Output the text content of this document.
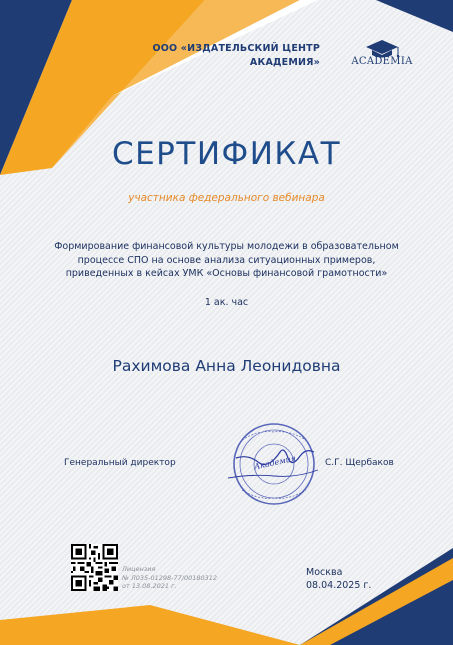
ООО «ИЗДАТЕЛЬСКИЙ ЦЕНТР
АКАДЕМИЯ»	ACADEMIA
СЕРТИФИКАТ
участника федерального вебинара
Формирование финансовой культуры молодежи в образовательном
процессе СПО на основе анализа ситуационных примеров,
приведенных в кейсах УМК «Основы финансовой грамотности»
1 ак. час
Рахимова Анна Леонидовна
Генеральный директор	Академия	С.Г. Щербаков
Лицензия
№ Л035-01298-77/00180312
от 13.08.2021 г.
Москва
08.04.2025 г.
